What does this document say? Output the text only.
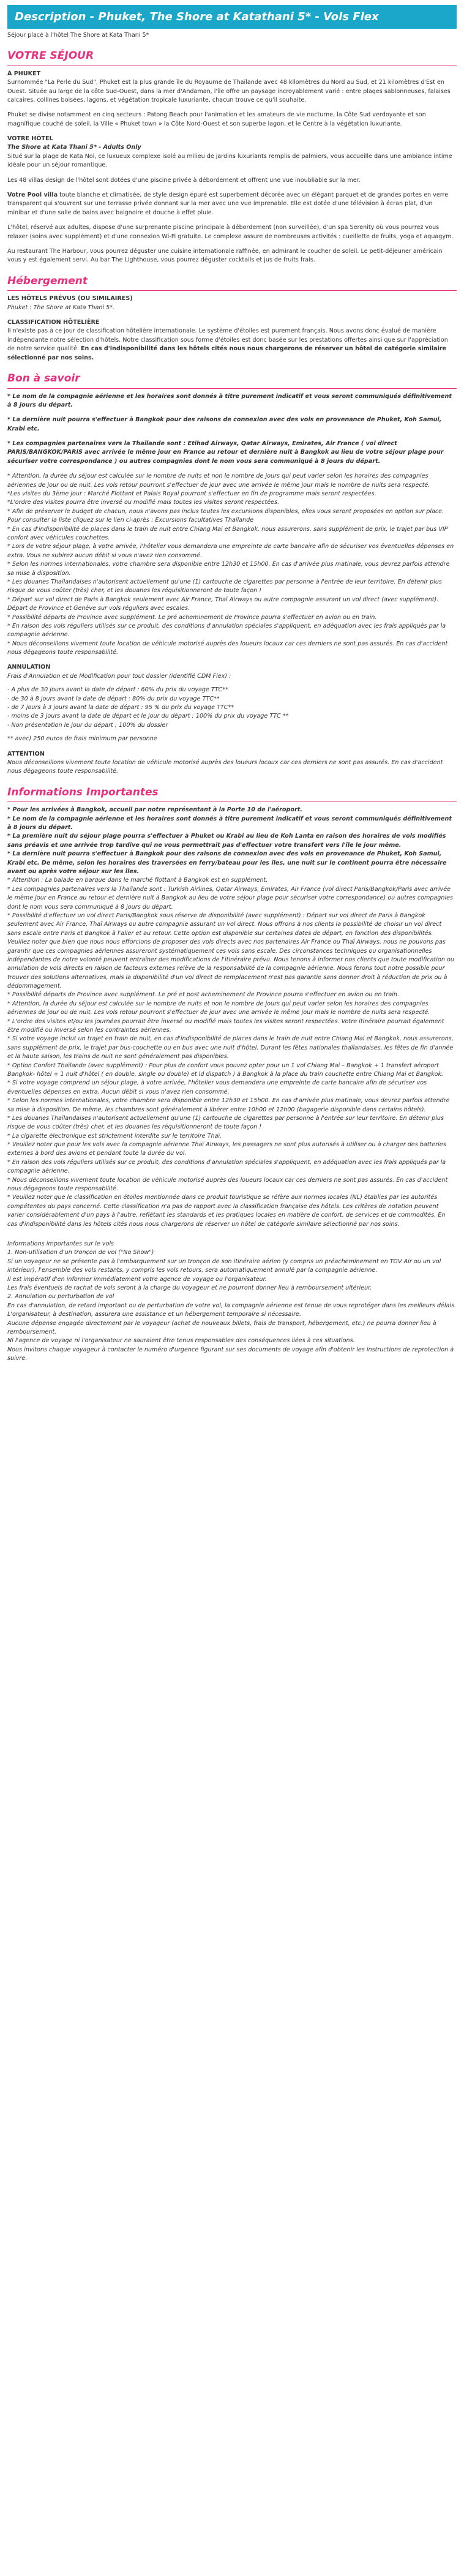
Description - Phuket, The Shore at Katathani 5* - Vols Flex
Séjour placé à l'hôtel The Shore at Kata Thani 5*
VOTRE SÉJOUR
À PHUKET

Surnommée "La Perle du Sud", Phuket est la plus grande île du Royaume de Thaïlande avec 48 kilomètres du Nord au Sud, et 21 kilomètres d'Est en Ouest. Située au large de la côte Sud-Ouest, dans la mer d'Andaman, l'île offre un paysage incroyablement varié : entre plages sablonneuses, falaises calcaires, collines boisées, lagons, et végétation tropicale luxuriante, chacun trouve ce qu'il souhaite.

Phuket se divise notamment en cinq secteurs : Patong Beach pour l'animation et les amateurs de vie nocturne, la Côte Sud verdoyante et son magnifique couché de soleil, la Ville « Phuket town » la Côte Nord-Ouest et son superbe lagon, et le Centre à la végétation luxuriante.

VOTRE HÔTEL
The Shore at Kata Thani 5* - Adults Only

Situé sur la plage de Kata Noi, ce luxueux complexe isolé au milieu de jardins luxuriants remplis de palmiers, vous accueille dans une ambiance intime idéale pour un séjour romantique.

Les 48 villas design de l'hôtel sont dotées d'une piscine privée à débordement et offrent une vue inoubliable sur la mer.

Votre Pool villa toute blanche et climatisée, de style design épuré est superbement décorée avec un élégant parquet et de grandes portes en verre transparent qui s'ouvrent sur une terrasse privée donnant sur la mer avec une vue imprenable. Elle est dotée d'une télévision à écran plat, d'un minibar et d'une salle de bains avec baignoire et douche à effet pluie.

L'hôtel, réservé aux adultes, dispose d'une surprenante piscine principale à débordement (non surveillée), d'un spa Serenity où vous pourrez vous relaxer (soins avec supplément) et d'une connexion Wi-Fi gratuite. Le complexe assure de nombreuses activités : cueillette de fruits, yoga et aquagym.

Au restaurant The Harbour, vous pourrez déguster une cuisine internationale raffinée, en admirant le coucher de soleil. Le petit-déjeuner américain vous y est également servi. Au bar The Lighthouse, vous pourrez déguster cocktails et jus de fruits frais.

Hébergement
LES HÔTELS PRÉVUS (OU SIMILAIRES)

Phuket : The Shore at Kata Thani 5*.

CLASSIFICATION HÔTELIÈRE

Il n'existe pas à ce jour de classification hôtelière internationale. Le système d'étoiles est purement français. Nous avons donc évalué de manière indépendante notre sélection d'hôtels. Notre classification sous forme d'étoiles est donc basée sur les prestations offertes ainsi que sur l'appréciation de notre service qualité. En cas d'indisponibilité dans les hôtels cités nous nous chargerons de réserver un hôtel de catégorie similaire sélectionné par nos soins.

Bon à savoir

* Le nom de la compagnie aérienne et les horaires sont donnés à titre purement indicatif et vous seront communiqués définitivement à 8 jours du départ.

* La dernière nuit pourra s'effectuer à Bangkok pour des raisons de connexion avec des vols en provenance de Phuket, Koh Samui, Krabi etc.

* Les compagnies partenaires vers la Thaïlande sont : Etihad Airways, Qatar Airways, Emirates, Air France ( vol direct PARIS/BANGKOK/PARIS avec arrivée le même jour en France au retour et dernière nuit à Bangkok au lieu de votre séjour plage pour sécuriser votre correspondance ) ou autres compagnies dont le nom vous sera communiqué à 8 jours du départ.

* Attention, la durée du séjour est calculée sur le nombre de nuits et non le nombre de jours qui peut varier selon les horaires des compagnies aériennes de jour ou de nuit. Les vols retour pourront s'effectuer de jour avec une arrivée le même jour mais le nombre de nuits sera respecté.
*Les visites du 3ème jour : Marché Flottant et Palais Royal pourront s'effectuer en fin de programme mais seront respectées.
*L'ordre des visites pourra être inversé ou modifié mais toutes les visites seront respectées.
* Afin de préserver le budget de chacun, nous n'avons pas inclus toutes les excursions disponibles, elles vous seront proposées en option sur place. Pour consulter la liste cliquez sur le lien ci-après : Excursions facultatives Thaïlande
* En cas d'indisponibilité de places dans le train de nuit entre Chiang Mai et Bangkok, nous assurerons, sans supplément de prix, le trajet par bus VIP confort avec véhicules couchettes.
* Lors de votre séjour plage, à votre arrivée, l'hôtelier vous demandera une empreinte de carte bancaire afin de sécuriser vos éventuelles dépenses en extra. Vous ne subirez aucun débit si vous n'avez rien consommé.
* Selon les normes internationales, votre chambre sera disponible entre 12h30 et 15h00. En cas d'arrivée plus matinale, vous devrez parfois attendre sa mise à disposition.
* Les douanes Thaïlandaises n'autorisent actuellement qu'une (1) cartouche de cigarettes par personne à l'entrée de leur territoire. En détenir plus risque de vous coûter (très) cher, et les douanes les réquisitionneront de toute façon !
* Départ sur vol direct de Paris à Bangkok seulement avec Air France, Thaï Airways ou autre compagnie assurant un vol direct (avec supplément). Départ de Province et Genève sur vols réguliers avec escales.
* Possibilité départs de Province avec supplément. Le pré acheminement de Province pourra s'effectuer en avion ou en train.
* En raison des vols réguliers utilisés sur ce produit, des conditions d'annulation spéciales s'appliquent, en adéquation avec les frais appliqués par la compagnie aérienne.
* Nous déconseillons vivement toute location de véhicule motorisé auprès des loueurs locaux car ces derniers ne sont pas assurés. En cas d'accident nous dégageons toute responsabilité.
ANNULATION
Frais d'Annulation et de Modification pour tout dossier (identifié CDM Flex) :
- A plus de 30 jours avant la date de départ : 60% du prix du voyage TTC**
- de 30 à 8 jours avant la date de départ : 80% du prix du voyage TTC**
- de 7 jours à 3 jours avant la date de départ : 95 % du prix du voyage TTC**
- moins de 3 jours avant la date de départ et le jour du départ : 100% du prix du voyage TTC **
- Non présentation le jour du départ ; 100% du dossier

** avec) 250 euros de frais minimum par personne

ATTENTION

Nous déconseillons vivement toute location de véhicule motorisé auprès des loueurs locaux car ces derniers ne sont pas assurés. En cas d'accident nous dégageons toute responsabilité.

Informations Importantes
* Pour les arrivées à Bangkok, accueil par notre représentant à la Porte 10 de l'aéroport.
* Le nom de la compagnie aérienne et les horaires sont donnés à titre purement indicatif et vous seront communiqués définitivement à 8 jours du départ.
* La première nuit du séjour plage pourra s'effectuer à Phuket ou Krabi au lieu de Koh Lanta en raison des horaires de vols modifiés sans préavis et une arrivée trop tardive qui ne vous permettrait pas d'effectuer votre transfert vers l'île le jour même.
* La dernière nuit pourra s'effectuer à Bangkok pour des raisons de connexion avec des vols en provenance de Phuket, Koh Samui, Krabi etc. De même, selon les horaires des traversées en ferry/bateau pour les îles, une nuit sur le continent pourra être nécessaire avant ou après votre séjour sur les îles.
* Attention : La balade en barque dans le marché flottant à Bangkok est en supplément.
* Les compagnies partenaires vers la Thaïlande sont : Turkish Airlines, Qatar Airways, Emirates, Air France (vol direct Paris/Bangkok/Paris avec arrivée le même jour en France au retour et dernière nuit à Bangkok au lieu de votre séjour plage pour sécuriser votre correspondance) ou autres compagnies dont le nom vous sera communiqué à 8 jours du départ.
* Possibilité d'effectuer un vol direct Paris/Bangkok sous réserve de disponibilité (avec supplément) : Départ sur vol direct de Paris à Bangkok seulement avec Air France, Thaï Airways ou autre compagnie assurant un vol direct. Nous offrons à nos clients la possibilité de choisir un vol direct sans escale entre Paris et Bangkok à l'aller et au retour. Cette option est disponible sur certaines dates de départ, en fonction des disponibilités. Veuillez noter que bien que nous nous efforcions de proposer des vols directs avec nos partenaires Air France ou Thaï Airways, nous ne pouvons pas garantir que ces compagnies aériennes assureront systématiquement ces vols sans escale. Des circonstances techniques ou organisationnelles indépendantes de notre volonté peuvent entraîner des modifications de l'itinéraire prévu. Nous tenons à informer nos clients que toute modification ou annulation de vols directs en raison de facteurs externes relève de la responsabilité de la compagnie aérienne. Nous ferons tout notre possible pour trouver des solutions alternatives, mais la disponibilité d'un vol direct de remplacement n'est pas garantie sans donner droit à réduction de prix ou à dédommagement.
* Possibilité départs de Province avec supplément. Le pré et post acheminement de Province pourra s'effectuer en avion ou en train.
* Attention, la durée du séjour est calculée sur le nombre de nuits et non le nombre de jours qui peut varier selon les horaires des compagnies aériennes de jour ou de nuit. Les vols retour pourront s'effectuer de jour avec une arrivée le même jour mais le nombre de nuits sera respecté.
* L'ordre des visites et/ou les journées pourrait être inversé ou modifié mais toutes les visites seront respectées. Votre itinéraire pourrait également être modifié ou inversé selon les contraintes aériennes.
* Si votre voyage inclut un trajet en train de nuit, en cas d'indisponibilité de places dans le train de nuit entre Chiang Mai et Bangkok, nous assurerons, sans supplément de prix, le trajet par bus-couchette ou en bus avec une nuit d'hôtel. Durant les fêtes nationales thaïlandaises, les fêtes de fin d'année et la haute saison, les trains de nuit ne sont généralement pas disponibles.
* Option Confort Thaïlande (avec supplément) : Pour plus de confort vous pouvez opter pour un 1 vol Chiang Mai – Bangkok + 1 transfert aéroport Bangkok- hôtel + 1 nuit d'hôtel ( en double, single ou double) et ld dispatch ) à Bangkok à la place du train couchette entre Chiang Mai et Bangkok.
* Si votre voyage comprend un séjour plage, à votre arrivée, l'hôtelier vous demandera une empreinte de carte bancaire afin de sécuriser vos éventuelles dépenses en extra. Aucun débit si vous n'avez rien consommé.
* Selon les normes internationales, votre chambre sera disponible entre 12h30 et 15h00. En cas d'arrivée plus matinale, vous devrez parfois attendre sa mise à disposition. De même, les chambres sont généralement à libérer entre 10h00 et 12h00 (bagagerie disponible dans certains hôtels).
* Les douanes Thaïlandaises n'autorisent actuellement qu'une (1) cartouche de cigarettes par personne à l'entrée sur leur territoire. En détenir plus risque de vous coûter (très) cher, et les douanes les réquisitionneront de toute façon !
* La cigarette électronique est strictement interdite sur le territoire Thaï.
* Veuillez noter que pour les vols avec la compagnie aérienne Thaï Airways, les passagers ne sont plus autorisés à utiliser ou à charger des batteries externes à bord des avions et pendant toute la durée du vol.
* En raison des vols réguliers utilisés sur ce produit, des conditions d'annulation spéciales s'appliquent, en adéquation avec les frais appliqués par la compagnie aérienne.
* Nous déconseillons vivement toute location de véhicule motorisé auprès des loueurs locaux car ces derniers ne sont pas assurés. En cas d'accident nous dégageons toute responsabilité.
* Veuillez noter que le classification en étoiles mentionnée dans ce produit touristique se réfère aux normes locales (NL) établies par les autorités compétentes du pays concerné. Cette classification n'a pas de rapport avec la classification française des hôtels. Les critères de notation peuvent varier considérablement d'un pays à l'autre, reflétant les standards et les pratiques locales en matière de confort, de services et de commodités. En cas d'indisponibilité dans les hôtels cités nous nous chargerons de réserver un hôtel de catégorie similaire sélectionné par nos soins.
Informations importantes sur le vols
1. Non-utilisation d'un tronçon de vol ("No Show")
Si un voyageur ne se présente pas à l'embarquement sur un tronçon de son itinéraire aérien (y compris un préacheminement en TGV Air ou un vol intérieur), l'ensemble des vols restants, y compris les vols retours, sera automatiquement annulé par la compagnie aérienne.
Il est impératif d'en informer immédiatement votre agence de voyage ou l'organisateur.
Les frais éventuels de rachat de vols seront à la charge du voyageur et ne pourront donner lieu à remboursement ultérieur.
2. Annulation ou perturbation de vol
En cas d'annulation, de retard important ou de perturbation de votre vol, la compagnie aérienne est tenue de vous reprotéger dans les meilleurs délais.
L'organisateur, à destination, assurera une assistance et un hébergement temporaire si nécessaire.
Aucune dépense engagée directement par le voyageur (achat de nouveaux billets, frais de transport, hébergement, etc.) ne pourra donner lieu à remboursement.
Ni l'agence de voyage ni l'organisateur ne sauraient être tenus responsables des conséquences liées à ces situations.
Nous invitons chaque voyageur à contacter le numéro d'urgence figurant sur ses documents de voyage afin d'obtenir les instructions de reprotection à suivre.
